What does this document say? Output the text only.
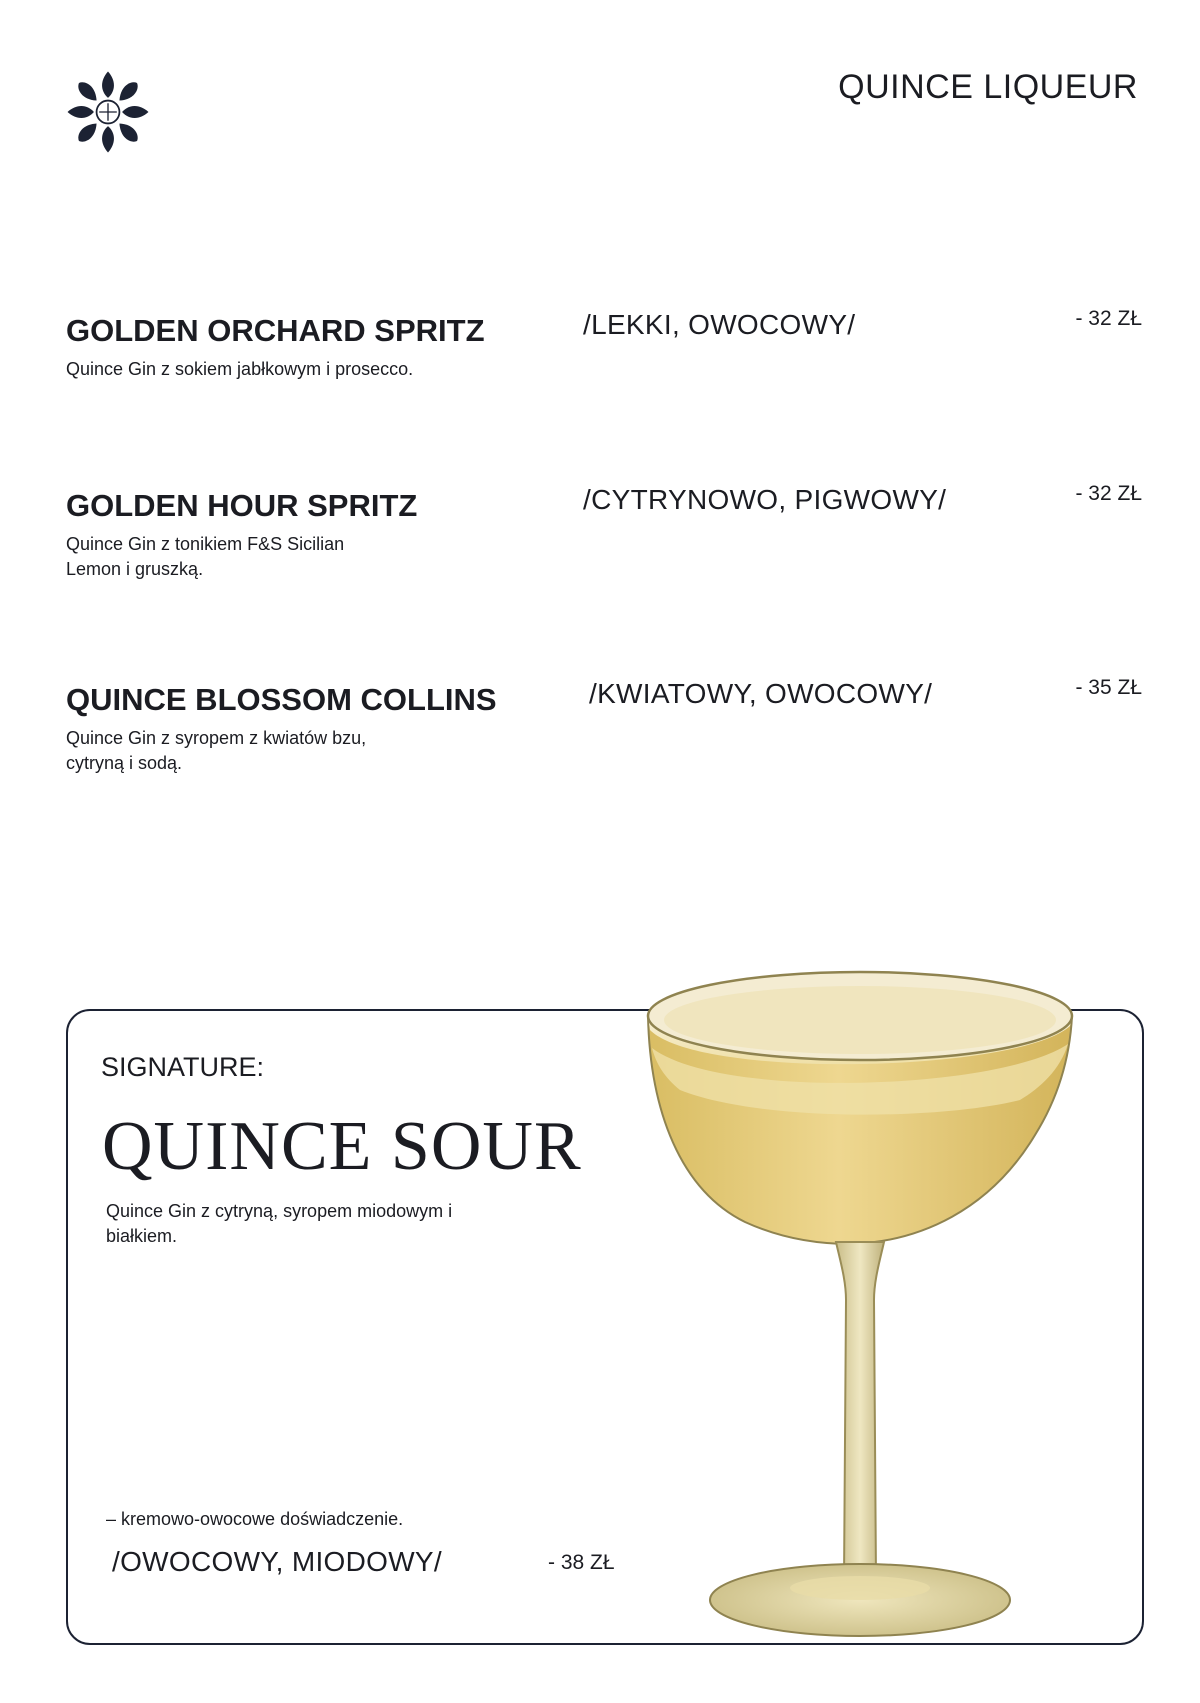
QUINCE LIQUEUR
GOLDEN ORCHARD SPRITZ
Quince Gin z sokiem jabłkowym i prosecco.
/LEKKI, OWOCOWY/	- 32 ZŁ
GOLDEN HOUR SPRITZ
Quince Gin z tonikiem F&S Sicilian Lemon i gruszką.
/CYTRYNOWO, PIGWOWY/	- 32 ZŁ
QUINCE BLOSSOM COLLINS
Quince Gin z syropem z kwiatów bzu, cytryną i sodą.
/KWIATOWY, OWOCOWY/	- 35 ZŁ
SIGNATURE:
QUINCE SOUR
Quince Gin z cytryną, syropem miodowym i białkiem.
– kremowo-owocowe doświadczenie.
/OWOCOWY, MIODOWY/	- 38 ZŁ
